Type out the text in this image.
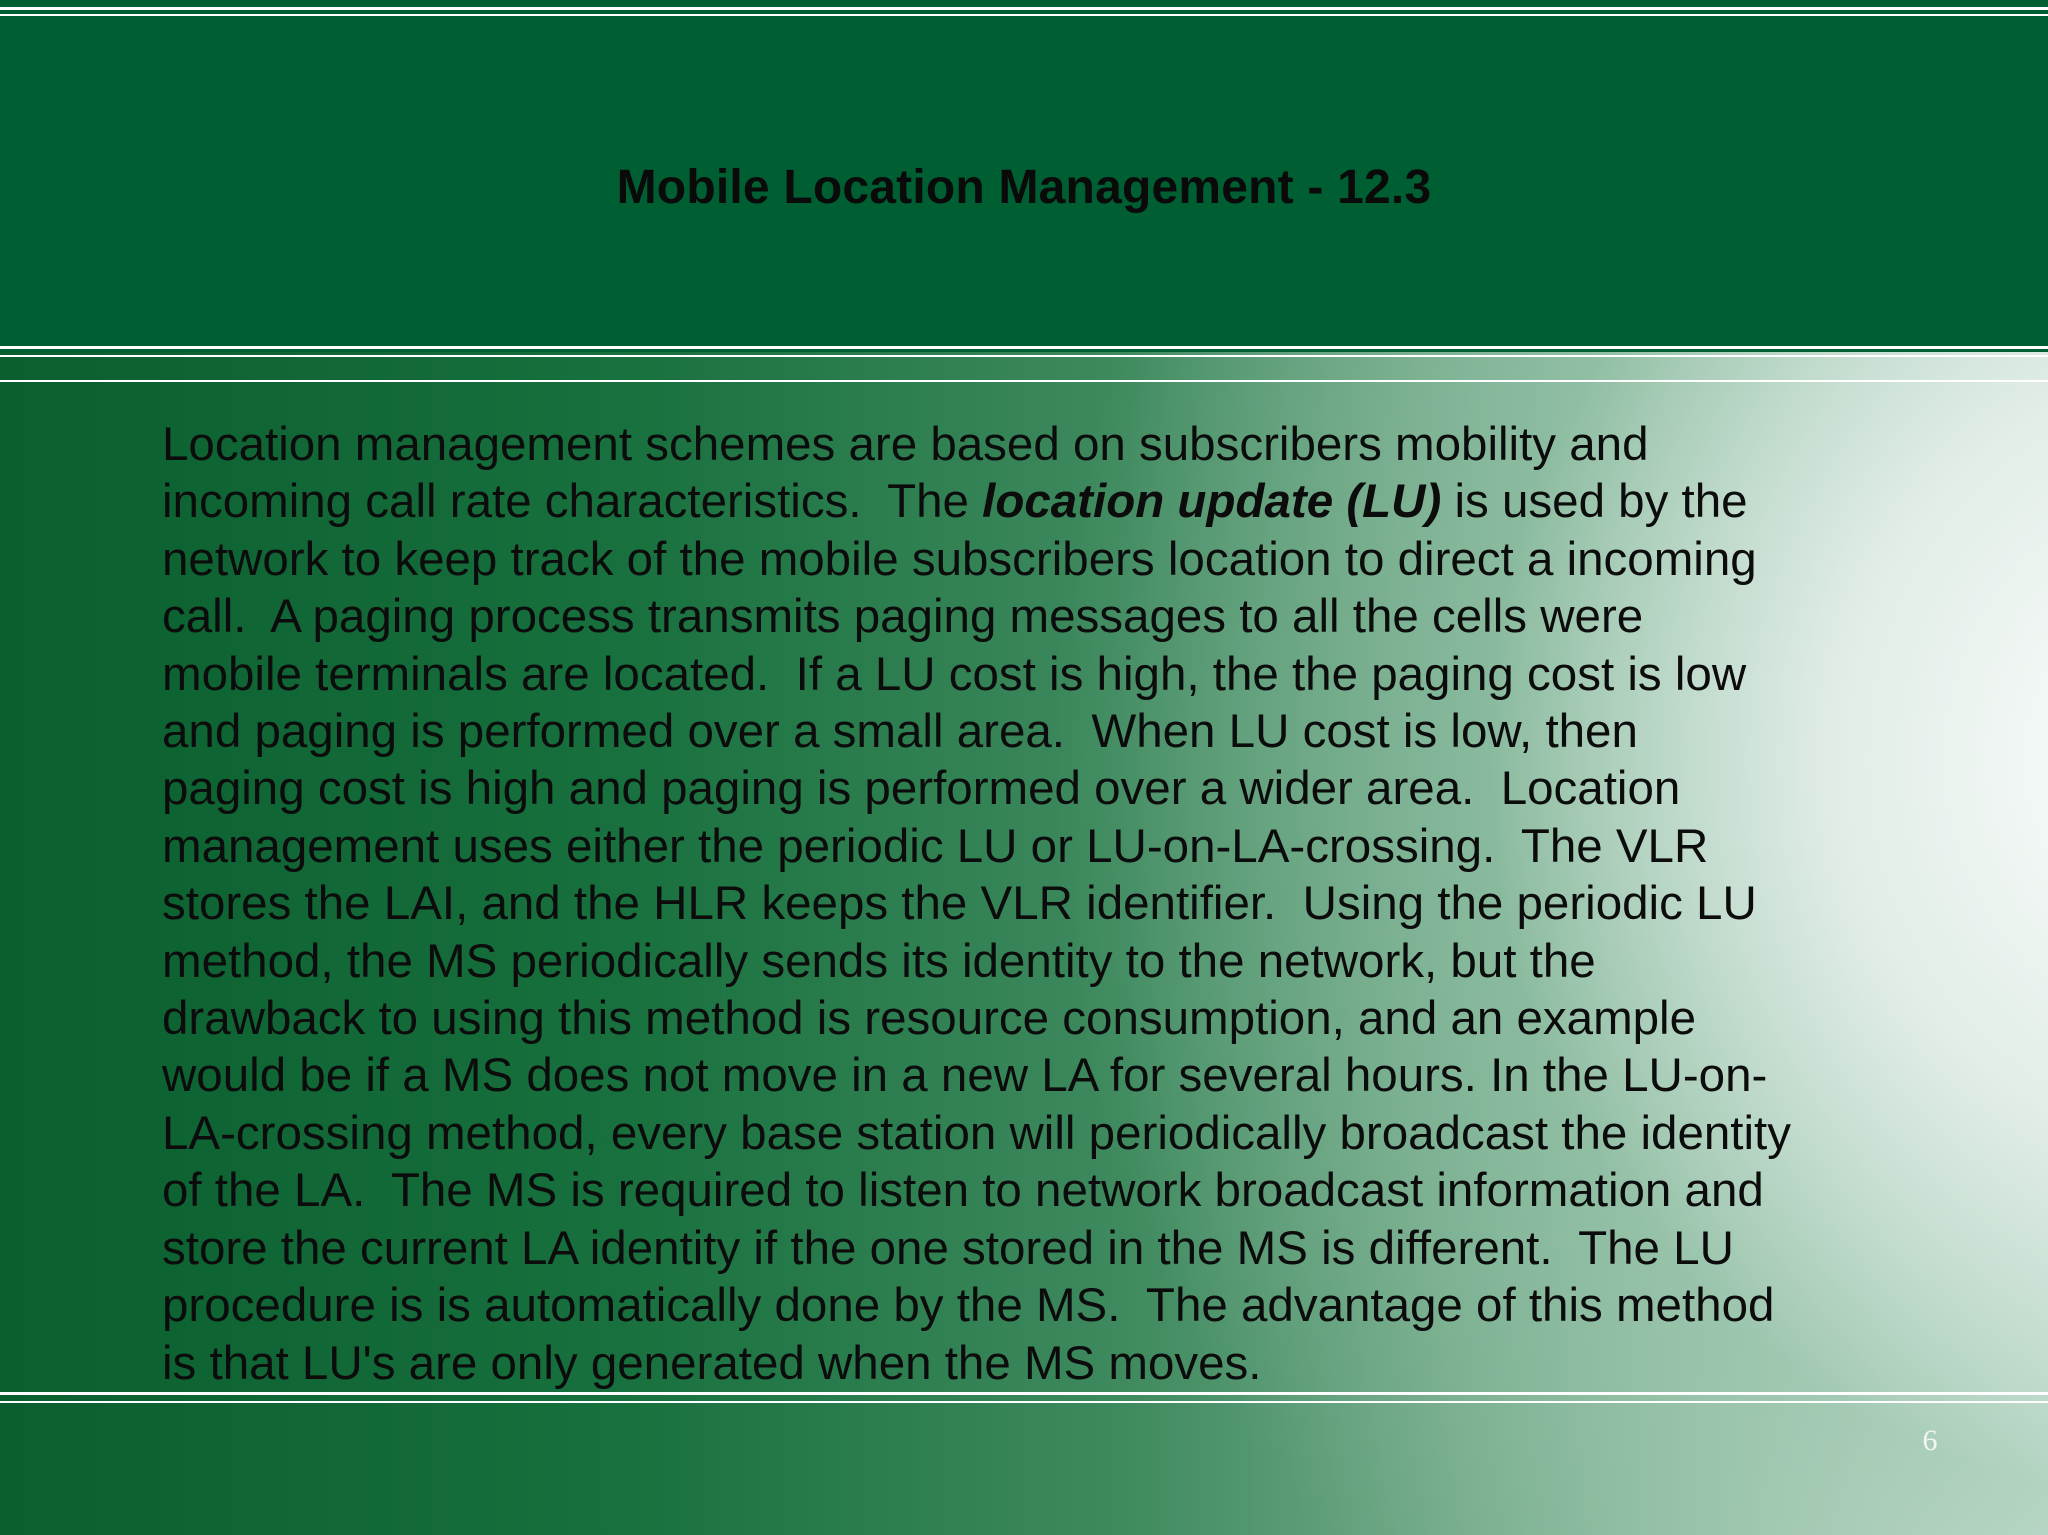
Mobile Location Management - 12.3
Location management schemes are based on subscribers mobility and
incoming call rate characteristics.  The location update (LU) is used by the
network to keep track of the mobile subscribers location to direct a incoming
call.  A paging process transmits paging messages to all the cells were
mobile terminals are located.  If a LU cost is high, the the paging cost is low
and paging is performed over a small area.  When LU cost is low, then
paging cost is high and paging is performed over a wider area.  Location
management uses either the periodic LU or LU-on-LA-crossing.  The VLR
stores the LAI, and the HLR keeps the VLR identifier.  Using the periodic LU
method, the MS periodically sends its identity to the network, but the
drawback to using this method is resource consumption, and an example
would be if a MS does not move in a new LA for several hours. In the LU-on-
LA-crossing method, every base station will periodically broadcast the identity
of the LA.  The MS is required to listen to network broadcast information and
store the current LA identity if the one stored in the MS is different.  The LU
procedure is is automatically done by the MS.  The advantage of this method
is that LU's are only generated when the MS moves.
6
